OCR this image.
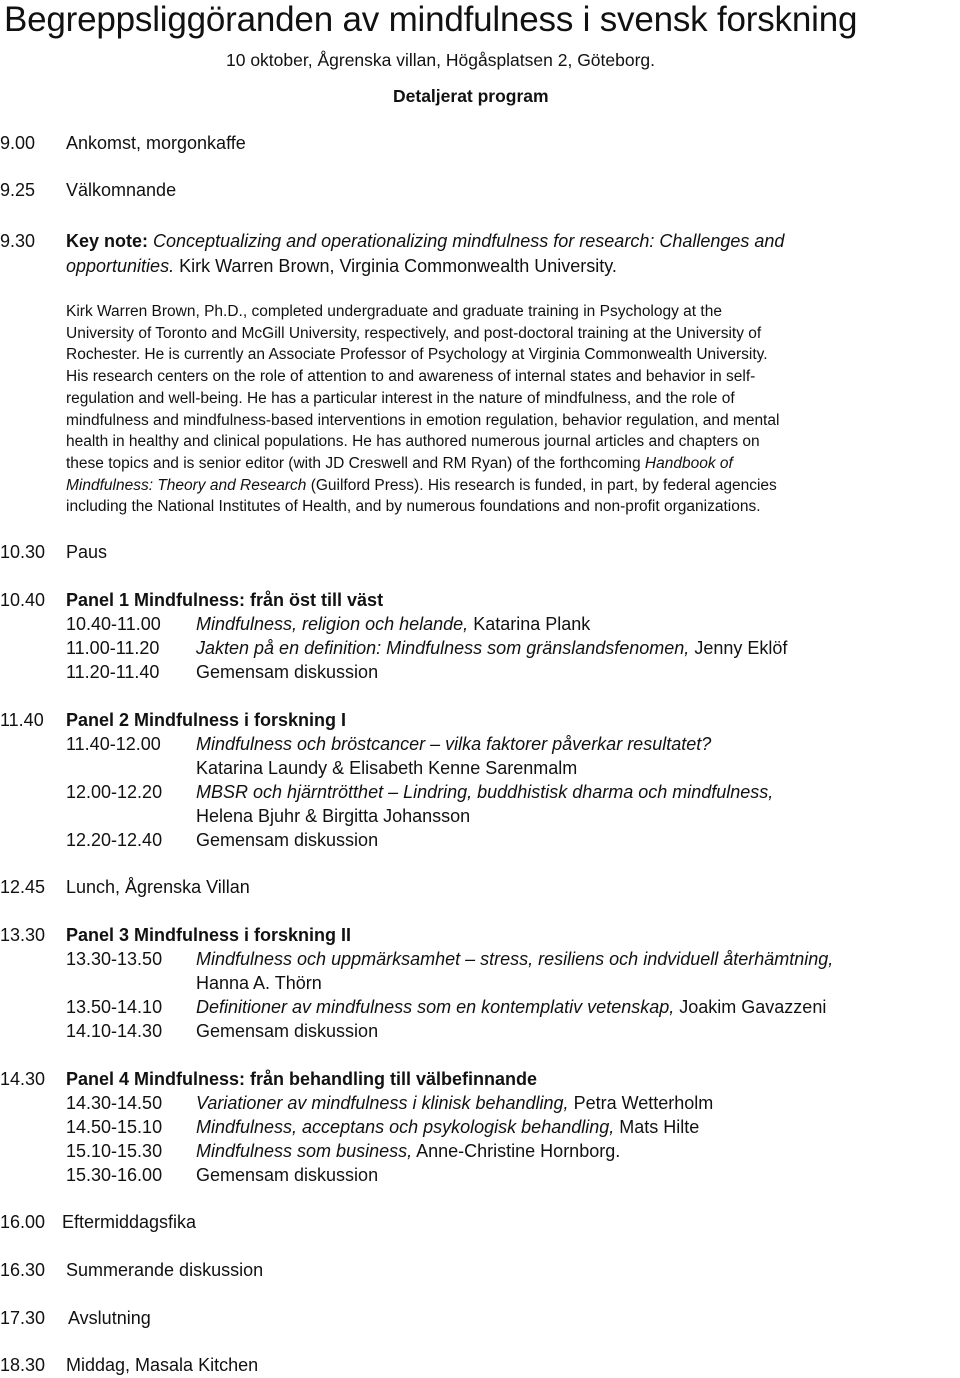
Begreppsliggöranden av mindfulness i svensk forskning
10 oktober, Ågrenska villan, Högåsplatsen 2, Göteborg.
Detaljerat program
9.00 Ankomst, morgonkaffe
9.25 Välkomnande
9.30	Key note: Conceptualizing and operationalizing mindfulness for research: Challenges and
opportunities. Kirk Warren Brown, Virginia Commonwealth University.
Kirk Warren Brown, Ph.D., completed undergraduate and graduate training in Psychology at the
University of Toronto and McGill University, respectively, and post-doctoral training at the University of
Rochester. He is currently an Associate Professor of Psychology at Virginia Commonwealth University.
His research centers on the role of attention to and awareness of internal states and behavior in self-
regulation and well-being. He has a particular interest in the nature of mindfulness, and the role of
mindfulness and mindfulness-based interventions in emotion regulation, behavior regulation, and mental
health in healthy and clinical populations. He has authored numerous journal articles and chapters on
these topics and is senior editor (with JD Creswell and RM Ryan) of the forthcoming Handbook of
Mindfulness: Theory and Research (Guilford Press). His research is funded, in part, by federal agencies
including the National Institutes of Health, and by numerous foundations and non-profit organizations.
10.30 Paus
10.40 Panel 1 Mindfulness: från öst till väst
10.40-11.00 Mindfulness, religion och helande, Katarina Plank
11.00-11.20 Jakten på en definition: Mindfulness som gränslandsfenomen, Jenny Eklöf
11.20-11.40 Gemensam diskussion
11.40 Panel 2 Mindfulness i forskning I
11.40-12.00 Mindfulness och bröstcancer – vilka faktorer påverkar resultatet?
Katarina Laundy & Elisabeth Kenne Sarenmalm
12.00-12.20 MBSR och hjärntrötthet – Lindring, buddhistisk dharma och mindfulness,
Helena Bjuhr & Birgitta Johansson
12.20-12.40 Gemensam diskussion
12.45 Lunch, Ågrenska Villan
13.30 Panel 3 Mindfulness i forskning II
13.30-13.50 Mindfulness och uppmärksamhet – stress, resiliens och indviduell återhämtning,
Hanna A. Thörn
13.50-14.10 Definitioner av mindfulness som en kontemplativ vetenskap, Joakim Gavazzeni
14.10-14.30 Gemensam diskussion
14.30 Panel 4 Mindfulness: från behandling till välbefinnande
14.30-14.50 Variationer av mindfulness i klinisk behandling, Petra Wetterholm
14.50-15.10 Mindfulness, acceptans och psykologisk behandling, Mats Hilte
15.10-15.30 Mindfulness som business, Anne-Christine Hornborg.
15.30-16.00 Gemensam diskussion
16.00 Eftermiddagsfika
16.30 Summerande diskussion
17.30 Avslutning
18.30 Middag, Masala Kitchen
